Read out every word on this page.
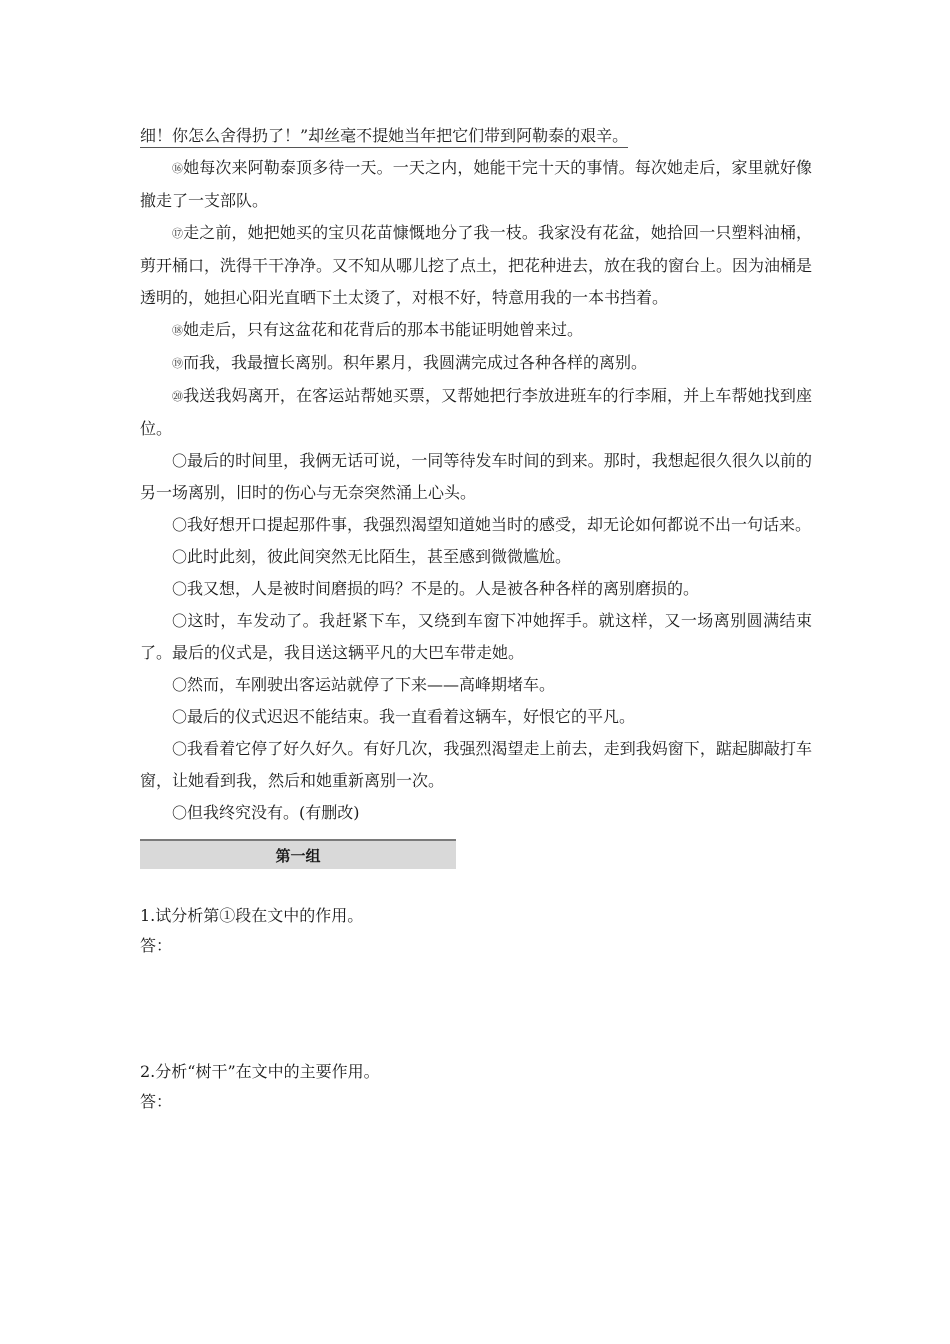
细！你怎么舍得扔了！”却丝毫不提她当年把它们带到阿勒泰的艰辛。

⑯她每次来阿勒泰顶多待一天。一天之内，她能干完十天的事情。每次她走后，家里就好像撤走了一支部队。

⑰走之前，她把她买的宝贝花苗慷慨地分了我一枝。我家没有花盆，她拾回一只塑料油桶，剪开桶口，洗得干干净净。又不知从哪儿挖了点土，把花种进去，放在我的窗台上。因为油桶是透明的，她担心阳光直晒下土太烫了，对根不好，特意用我的一本书挡着。

⑱她走后，只有这盆花和花背后的那本书能证明她曾来过。

⑲而我，我最擅长离别。积年累月，我圆满完成过各种各样的离别。

⑳我送我妈离开，在客运站帮她买票，又帮她把行李放进班车的行李厢，并上车帮她找到座位。

〇最后的时间里，我俩无话可说，一同等待发车时间的到来。那时，我想起很久很久以前的另一场离别，旧时的伤心与无奈突然涌上心头。

〇我好想开口提起那件事，我强烈渴望知道她当时的感受，却无论如何都说不出一句话来。

〇此时此刻，彼此间突然无比陌生，甚至感到微微尴尬。

〇我又想，人是被时间磨损的吗？不是的。人是被各种各样的离别磨损的。

〇这时，车发动了。我赶紧下车，又绕到车窗下冲她挥手。就这样，又一场离别圆满结束了。最后的仪式是，我目送这辆平凡的大巴车带走她。

〇然而，车刚驶出客运站就停了下来——高峰期堵车。

〇最后的仪式迟迟不能结束。我一直看着这辆车，好恨它的平凡。

〇我看着它停了好久好久。有好几次，我强烈渴望走上前去，走到我妈窗下，踮起脚敲打车窗，让她看到我，然后和她重新离别一次。

〇但我终究没有。(有删改)

第一组

1.试分析第①段在文中的作用。

答：

2.分析“树干”在文中的主要作用。

答：
